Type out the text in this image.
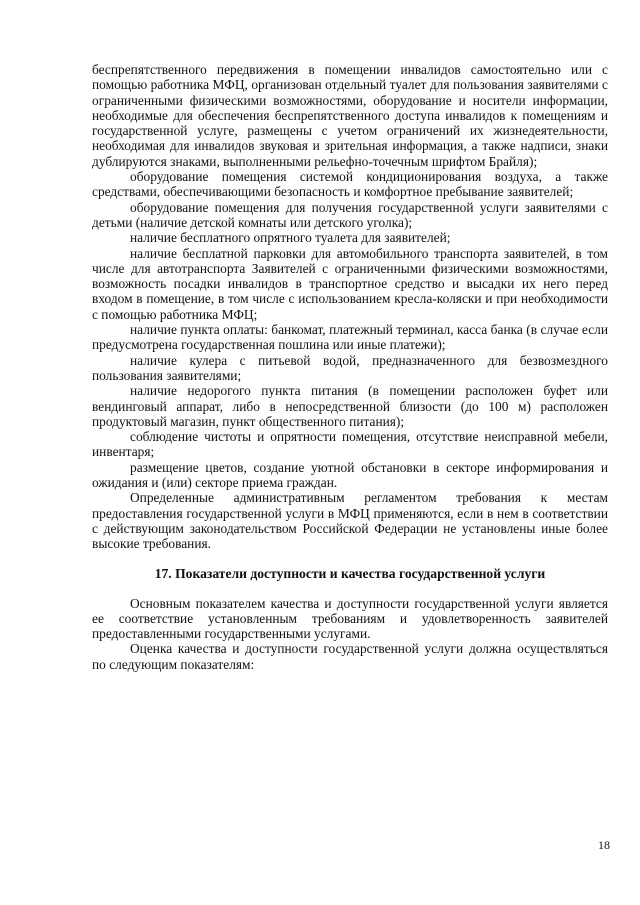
беспрепятственного передвижения в помещении инвалидов самостоятельно или с помощью работника МФЦ, организован отдельный туалет для пользования заявителями с ограниченными физическими возможностями, оборудование и носители информации, необходимые для обеспечения беспрепятственного доступа инвалидов к помещениям и государственной услуге, размещены с учетом ограничений их жизнедеятельности, необходимая для инвалидов звуковая и зрительная информация, а также надписи, знаки дублируются знаками, выполненными рельефно-точечным шрифтом Брайля);

оборудование помещения системой кондиционирования воздуха, а также средствами, обеспечивающими безопасность и комфортное пребывание заявителей;

оборудование помещения для получения государственной услуги заявителями с детьми (наличие детской комнаты или детского уголка);

наличие бесплатного опрятного туалета для заявителей;

наличие бесплатной парковки для автомобильного транспорта заявителей, в том числе для автотранспорта Заявителей с ограниченными физическими возможностями, возможность посадки инвалидов в транспортное средство и высадки их него перед входом в помещение, в том числе с использованием кресла-коляски и при необходимости с помощью работника МФЦ;

наличие пункта оплаты: банкомат, платежный терминал, касса банка (в случае если предусмотрена государственная пошлина или иные платежи);

наличие кулера с питьевой водой, предназначенного для безвозмездного пользования заявителями;

наличие недорогого пункта питания (в помещении расположен буфет или вендинговый аппарат, либо в непосредственной близости (до 100 м) расположен продуктовый магазин, пункт общественного питания);

соблюдение чистоты и опрятности помещения, отсутствие неисправной мебели, инвентаря;

размещение цветов, создание уютной обстановки в секторе информирования и ожидания и (или) секторе приема граждан.

Определенные административным регламентом требования к местам предоставления государственной услуги в МФЦ применяются, если в нем в соответствии с действующим законодательством Российской Федерации не установлены иные более высокие требования.

17. Показатели доступности и качества государственной услуги

Основным показателем качества и доступности государственной услуги является ее соответствие установленным требованиям и удовлетворенность заявителей предоставленными государственными услугами.

Оценка качества и доступности государственной услуги должна осуществляться по следующим показателям:

18
